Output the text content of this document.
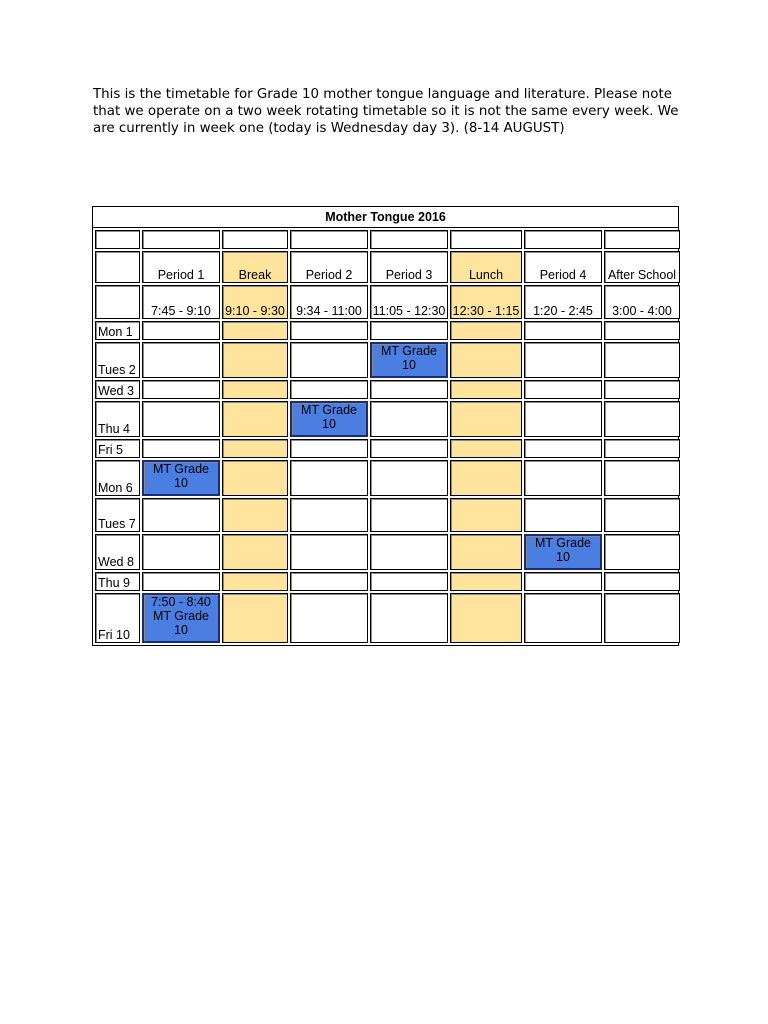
This is the timetable for Grade 10 mother tongue language and literature. Please note that we operate on a two week rotating timetable so it is not the same every week. We are currently in week one (today is Wednesday day 3). (8-14 AUGUST)

Mother Tongue 2016

	Period 1	Break	Period 2	Period 3	Lunch	Period 4	After School
	7:45 - 9:10	9:10 - 9:30	9:34 - 11:00	11:05 - 12:30	12:30 - 1:15	1:20 - 2:45	3:00 - 4:00
Mon 1							
Tues 2				MT Grade 10			
Wed 3							
Thu 4			MT Grade 10				
Fri 5							
Mon 6	MT Grade 10						
Tues 7							
Wed 8						MT Grade 10	
Thu 9							
Fri 10	7:50 - 8:40 MT Grade 10						
